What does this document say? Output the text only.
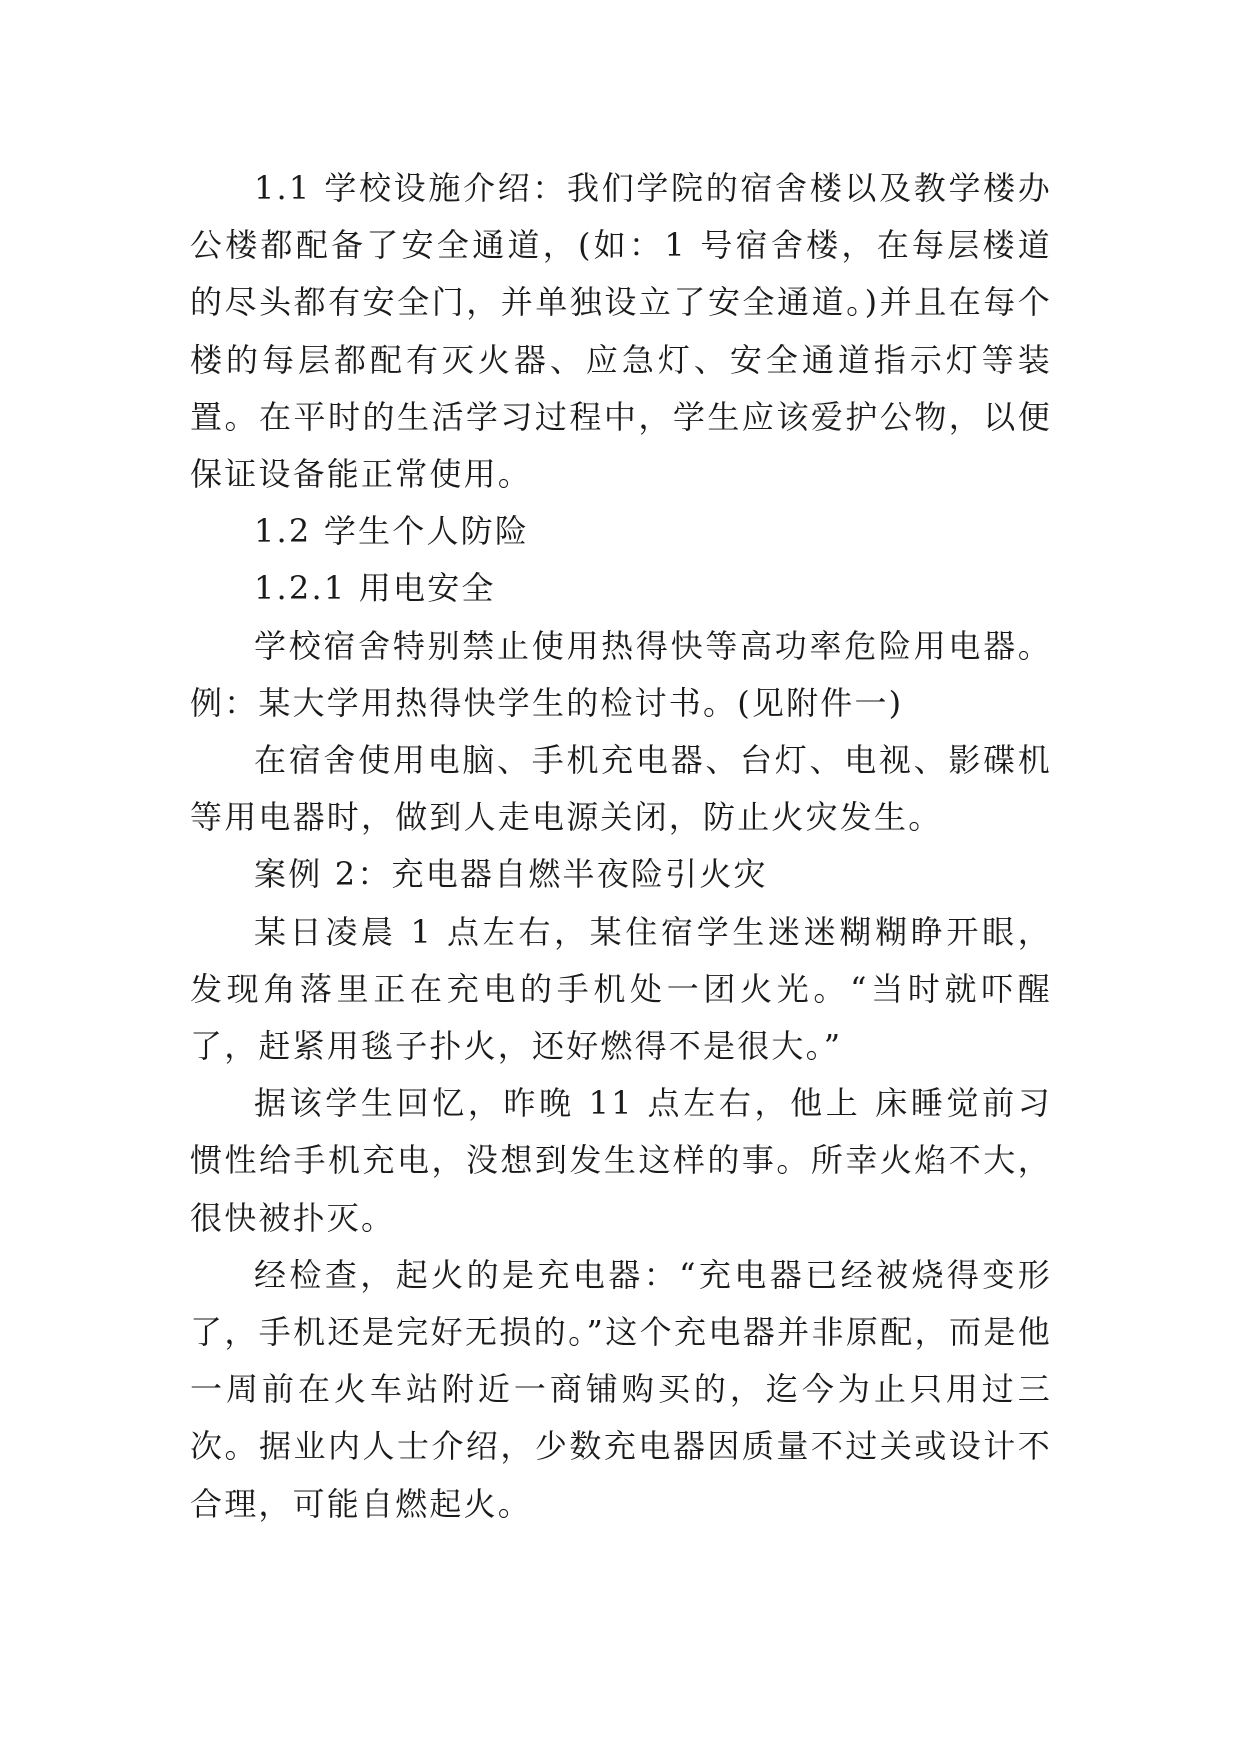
1.1 学校设施介绍：我们学院的宿舍楼以及教学楼办公楼都配备了安全通道，(如：1 号宿舍楼，在每层楼道的尽头都有安全门，并单独设立了安全通道。)并且在每个楼的每层都配有灭火器、应急灯、安全通道指示灯等装置。在平时的生活学习过程中，学生应该爱护公物，以便保证设备能正常使用。

1.2 学生个人防险

1.2.1 用电安全

学校宿舍特别禁止使用热得快等高功率危险用电器。例：某大学用热得快学生的检讨书。(见附件一)

在宿舍使用电脑、手机充电器、台灯、电视、影碟机等用电器时，做到人走电源关闭，防止火灾发生。

案例 2：充电器自燃半夜险引火灾

某日凌晨 1 点左右，某住宿学生迷迷糊糊睁开眼，发现角落里正在充电的手机处一团火光。“当时就吓醒了，赶紧用毯子扑火，还好燃得不是很大。”

据该学生回忆，昨晚 11 点左右，他上 床睡觉前习惯性给手机充电，没想到发生这样的事。所幸火焰不大，很快被扑灭。

经检查，起火的是充电器：“充电器已经被烧得变形了，手机还是完好无损的。”这个充电器并非原配，而是他一周前在火车站附近一商铺购买的，迄今为止只用过三次。据业内人士介绍，少数充电器因质量不过关或设计不合理，可能自燃起火。
